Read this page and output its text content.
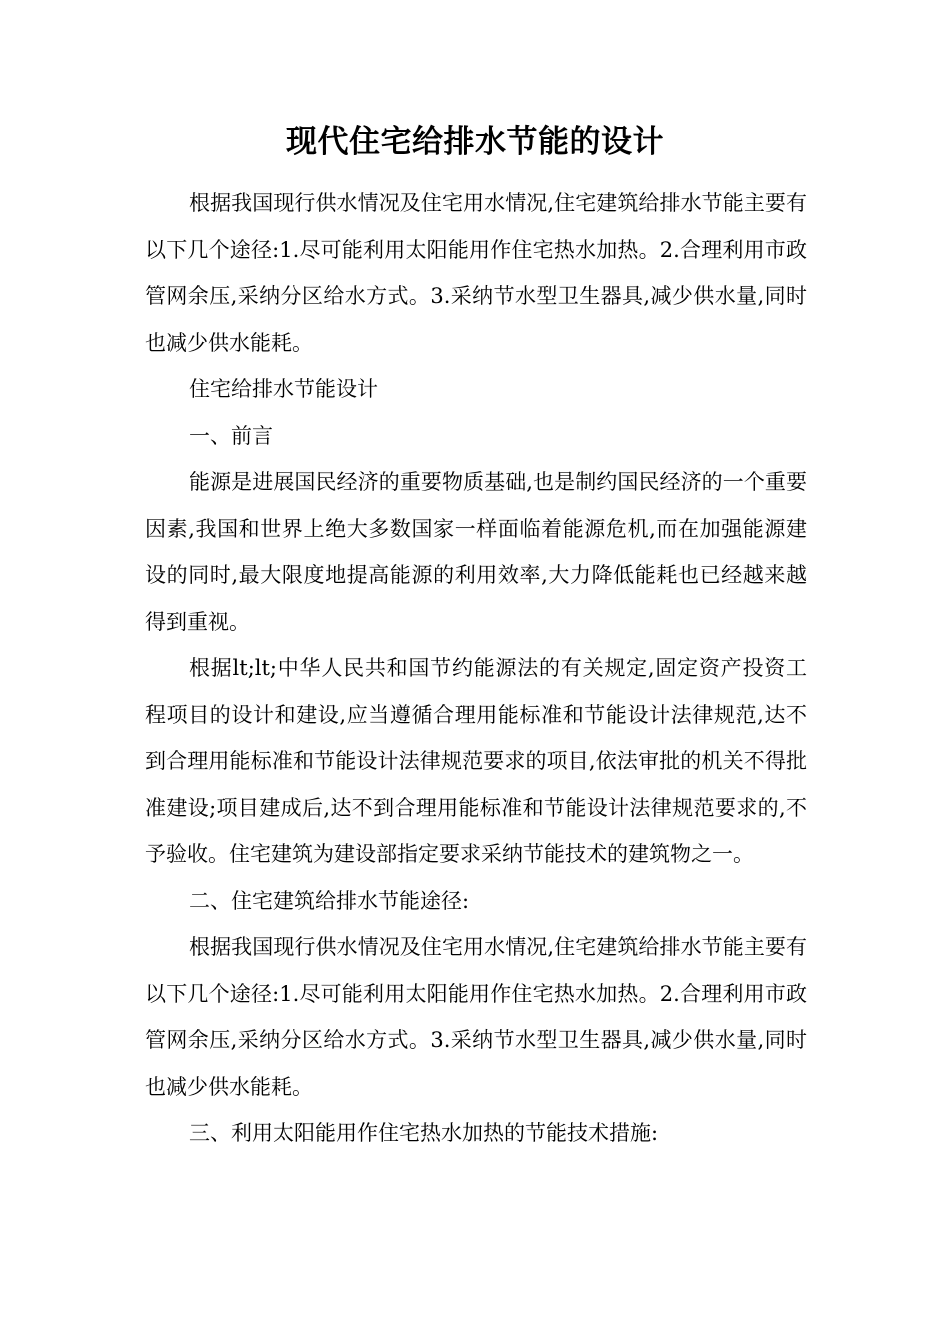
现代住宅给排水节能的设计

根据我国现行供水情况及住宅用水情况,住宅建筑给排水节能主要有以下几个途径:1.尽可能利用太阳能用作住宅热水加热。2.合理利用市政管网余压,采纳分区给水方式。3.采纳节水型卫生器具,减少供水量,同时也减少供水能耗。

住宅给排水节能设计

一、前言

能源是进展国民经济的重要物质基础,也是制约国民经济的一个重要因素,我国和世界上绝大多数国家一样面临着能源危机,而在加强能源建设的同时,最大限度地提高能源的利用效率,大力降低能耗也已经越来越得到重视。

根据lt;lt;中华人民共和国节约能源法的有关规定,固定资产投资工程项目的设计和建设,应当遵循合理用能标准和节能设计法律规范,达不到合理用能标准和节能设计法律规范要求的项目,依法审批的机关不得批准建设;项目建成后,达不到合理用能标准和节能设计法律规范要求的,不予验收。住宅建筑为建设部指定要求采纳节能技术的建筑物之一。

二、住宅建筑给排水节能途径:

根据我国现行供水情况及住宅用水情况,住宅建筑给排水节能主要有以下几个途径:1.尽可能利用太阳能用作住宅热水加热。2.合理利用市政管网余压,采纳分区给水方式。3.采纳节水型卫生器具,减少供水量,同时也减少供水能耗。

三、利用太阳能用作住宅热水加热的节能技术措施:
